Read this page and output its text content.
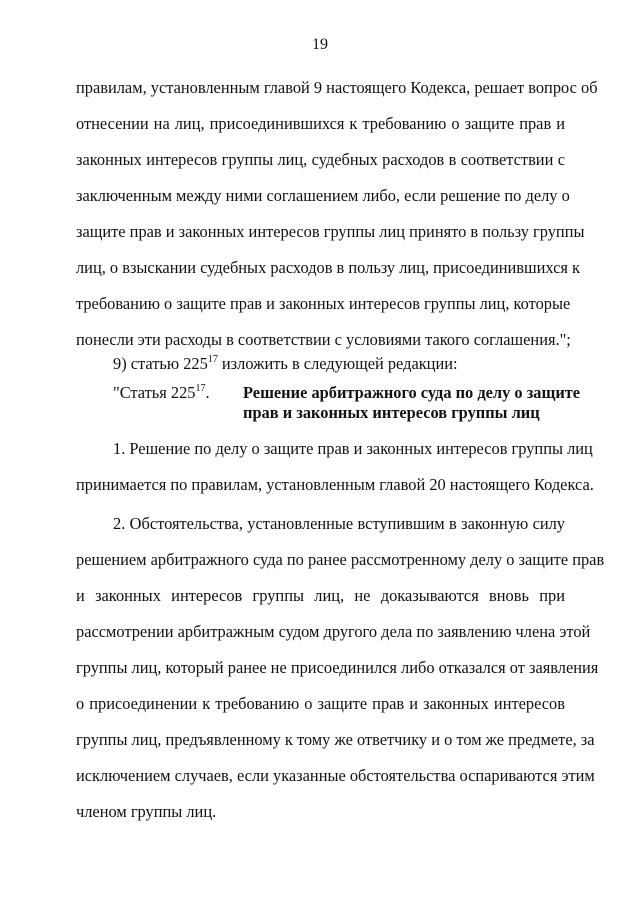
19
правилам, установленным главой 9 настоящего Кодекса, решает вопрос об
отнесении на лиц, присоединившихся к требованию о защите прав и
законных интересов группы лиц, судебных расходов в соответствии с
заключенным между ними соглашением либо, если решение по делу о
защите прав и законных интересов группы лиц принято в пользу группы
лиц, о взыскании судебных расходов в пользу лиц, присоединившихся к
требованию о защите прав и законных интересов группы лиц, которые
понесли эти расходы в соответствии с условиями такого соглашения.";
9) статью $225^{17}$ изложить в следующей редакции:
"Статья $225^{17}$. Решение арбитражного суда по делу о защите
прав и законных интересов группы лиц
1. Решение по делу о защите прав и законных интересов группы лиц
принимается по правилам, установленным главой 20 настоящего Кодекса.
2. Обстоятельства, установленные вступившим в законную силу
решением арбитражного суда по ранее рассмотренному делу о защите прав
и законных интересов группы лиц, не доказываются вновь при
рассмотрении арбитражным судом другого дела по заявлению члена этой
группы лиц, который ранее не присоединился либо отказался от заявления
о присоединении к требованию о защите прав и законных интересов
группы лиц, предъявленному к тому же ответчику и о том же предмете, за
исключением случаев, если указанные обстоятельства оспариваются этим
членом группы лиц.
